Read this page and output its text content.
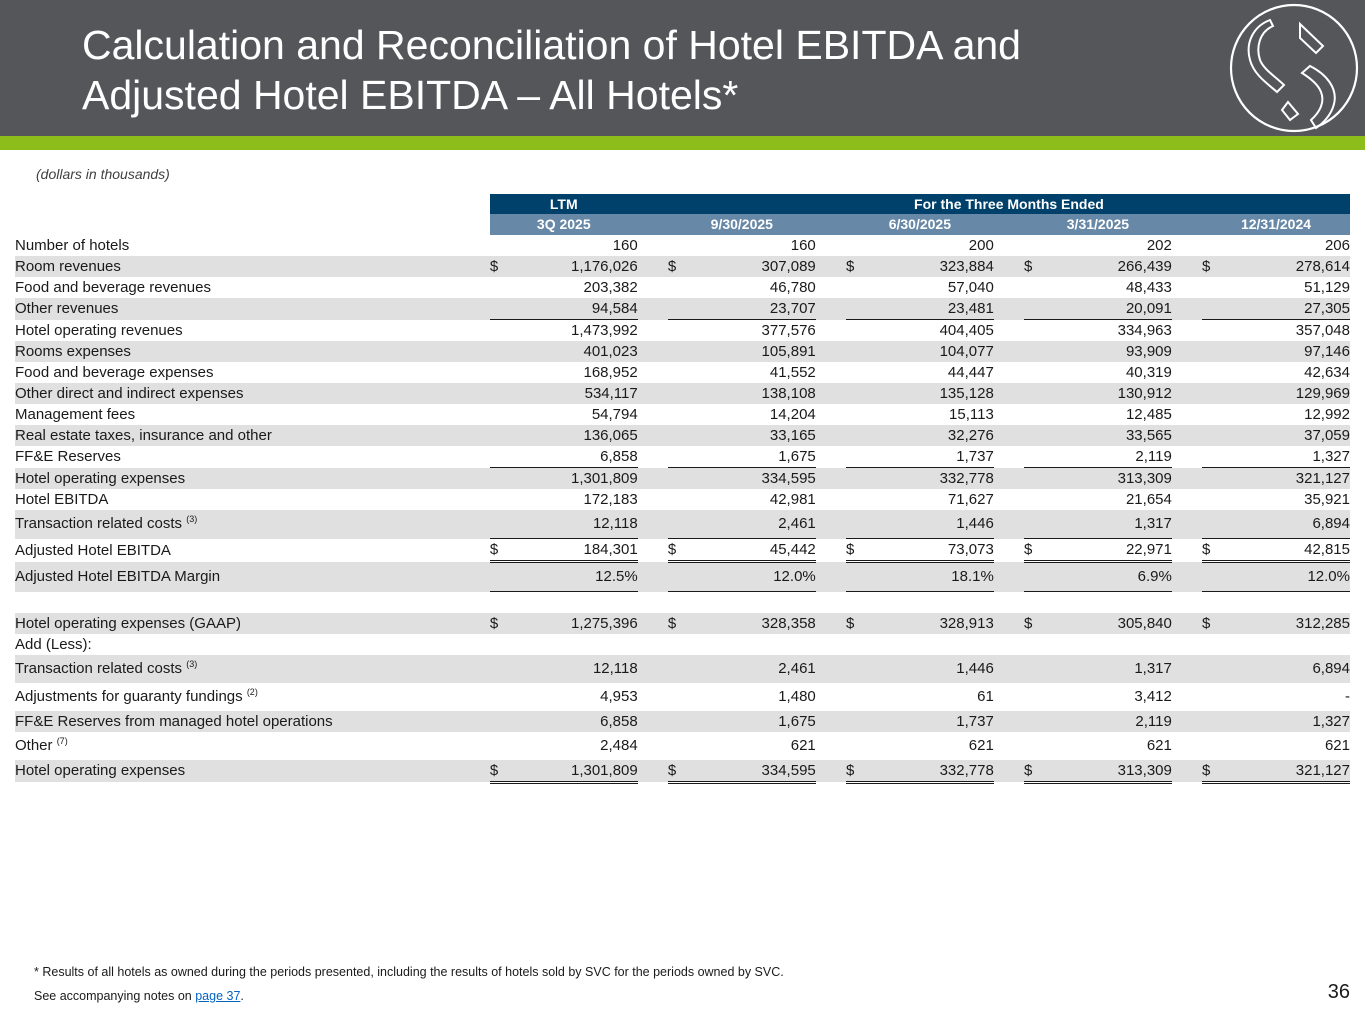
Calculation and Reconciliation of Hotel EBITDA and Adjusted Hotel EBITDA – All Hotels*
(dollars in thousands)
	LTM			For the Three Months Ended										
	3Q 2025			9/30/2025			6/30/2025			3/31/2025			12/31/2024	
Number of hotels		160			160			200			202			206
Room revenues	$	1,176,026		$	307,089		$	323,884		$	266,439		$	278,614
Food and beverage revenues		203,382			46,780			57,040			48,433			51,129
Other revenues		94,584			23,707			23,481			20,091			27,305
Hotel operating revenues		1,473,992			377,576			404,405			334,963			357,048
Rooms expenses		401,023			105,891			104,077			93,909			97,146
Food and beverage expenses		168,952			41,552			44,447			40,319			42,634
Other direct and indirect expenses		534,117			138,108			135,128			130,912			129,969
Management fees		54,794			14,204			15,113			12,485			12,992
Real estate taxes, insurance and other		136,065			33,165			32,276			33,565			37,059
FF&E Reserves		6,858			1,675			1,737			2,119			1,327
Hotel operating expenses		1,301,809			334,595			332,778			313,309			321,127
Hotel EBITDA		172,183			42,981			71,627			21,654			35,921
Transaction related costs $^{(3)}$		12,118			2,461			1,446			1,317			6,894
Adjusted Hotel EBITDA	$	184,301		$	45,442		$	73,073		$	22,971		$	42,815
Adjusted Hotel EBITDA Margin		12.5%			12.0%			18.1%			6.9%			12.0%

Hotel operating expenses (GAAP)	$	1,275,396		$	328,358		$	328,913		$	305,840		$	312,285
Add (Less):														
Transaction related costs $^{(3)}$		12,118			2,461			1,446			1,317			6,894
Adjustments for guaranty fundings $^{(2)}$		4,953			1,480			61			3,412			-
FF&E Reserves from managed hotel operations		6,858			1,675			1,737			2,119			1,327
Other $^{(7)}$		2,484			621			621			621			621
Hotel operating expenses	$	1,301,809		$	334,595		$	332,778		$	313,309		$	321,127
* Results of all hotels as owned during the periods presented, including the results of hotels sold by SVC for the periods owned by SVC.
See accompanying notes on page 37.	36
